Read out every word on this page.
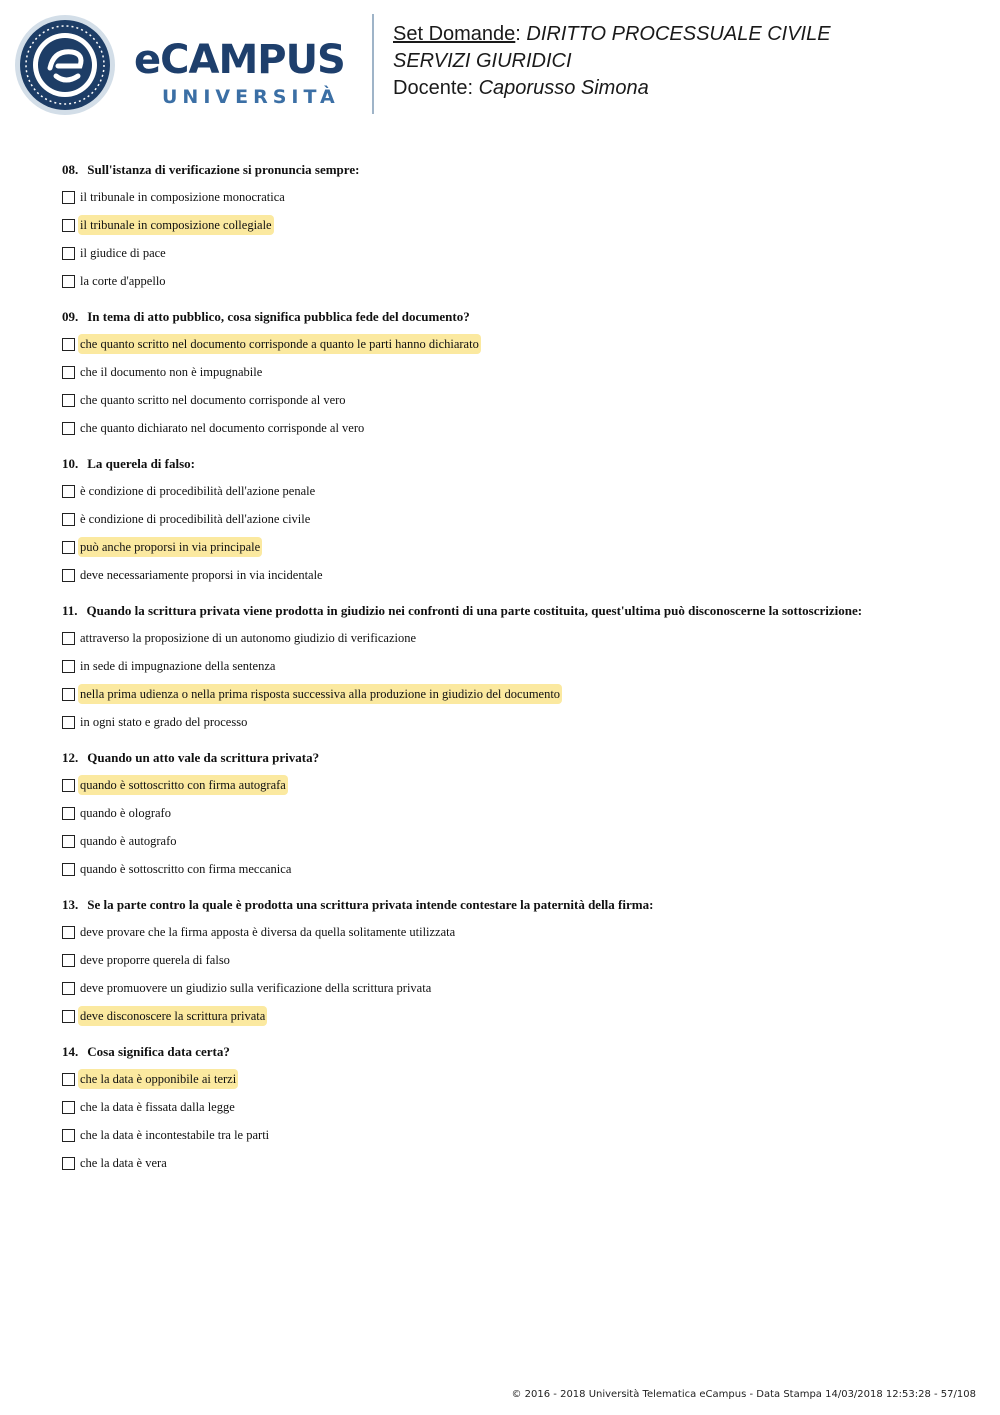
eCAMPUS
UNIVERSITÀ
Set Domande: DIRITTO PROCESSUALE CIVILE
SERVIZI GIURIDICI
Docente: Caporusso Simona
08. Sull'istanza di verificazione si pronuncia sempre:
il tribunale in composizione monocratica
il tribunale in composizione collegiale
il giudice di pace
la corte d'appello
09. In tema di atto pubblico, cosa significa pubblica fede del documento?
che quanto scritto nel documento corrisponde a quanto le parti hanno dichiarato
che il documento non è impugnabile
che quanto scritto nel documento corrisponde al vero
che quanto dichiarato nel documento corrisponde al vero
10. La querela di falso:
è condizione di procedibilità dell'azione penale
è condizione di procedibilità dell'azione civile
può anche proporsi in via principale
deve necessariamente proporsi in via incidentale
11. Quando la scrittura privata viene prodotta in giudizio nei confronti di una parte costituita, quest'ultima può disconoscerne la sottoscrizione:
attraverso la proposizione di un autonomo giudizio di verificazione
in sede di impugnazione della sentenza
nella prima udienza o nella prima risposta successiva alla produzione in giudizio del documento
in ogni stato e grado del processo
12. Quando un atto vale da scrittura privata?
quando è sottoscritto con firma autografa
quando è olografo
quando è autografo
quando è sottoscritto con firma meccanica
13. Se la parte contro la quale è prodotta una scrittura privata intende contestare la paternità della firma:
deve provare che la firma apposta è diversa da quella solitamente utilizzata
deve proporre querela di falso
deve promuovere un giudizio sulla verificazione della scrittura privata
deve disconoscere la scrittura privata
14. Cosa significa data certa?
che la data è opponibile ai terzi
che la data è fissata dalla legge
che la data è incontestabile tra le parti
che la data è vera
© 2016 - 2018 Università Telematica eCampus - Data Stampa 14/03/2018 12:53:28 - 57/108
